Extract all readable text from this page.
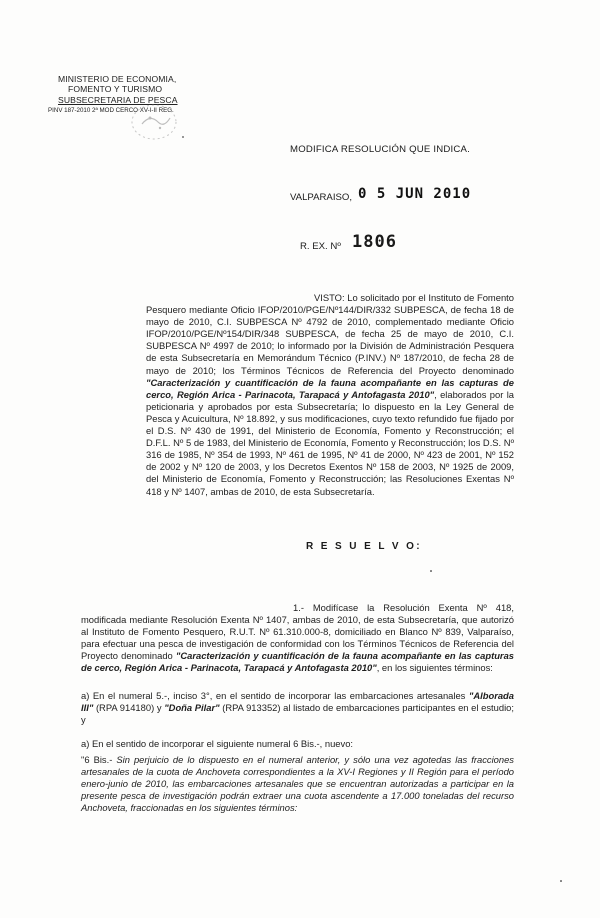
MINISTERIO DE ECONOMIA,
FOMENTO Y TURISMO
SUBSECRETARIA DE PESCA
PINV 187-2010 2ª MOD CERCO XV-I-II REG.
MODIFICA RESOLUCIÓN QUE INDICA.
VALPARAISO, 0 5 JUN 2010
R. EX. Nº 1806
VISTO: Lo solicitado por el Instituto de Fomento Pesquero mediante Oficio IFOP/2010/PGE/Nº144/DIR/332 SUBPESCA, de fecha 18 de mayo de 2010, C.I. SUBPESCA Nº 4792 de 2010, complementado mediante Oficio IFOP/2010/PGE/Nº154/DIR/348 SUBPESCA, de fecha 25 de mayo de 2010, C.I. SUBPESCA Nº 4997 de 2010; lo informado por la División de Administración Pesquera de esta Subsecretaría en Memorándum Técnico (P.INV.) Nº 187/2010, de fecha 28 de mayo de 2010; los Términos Técnicos de Referencia del Proyecto denominado "Caracterización y cuantificación de la fauna acompañante en las capturas de cerco, Región Arica - Parinacota, Tarapacá y Antofagasta 2010", elaborados por la peticionaria y aprobados por esta Subsecretaría; lo dispuesto en la Ley General de Pesca y Acuicultura, Nº 18.892, y sus modificaciones, cuyo texto refundido fue fijado por el D.S. Nº 430 de 1991, del Ministerio de Economía, Fomento y Reconstrucción; el D.F.L. Nº 5 de 1983, del Ministerio de Economía, Fomento y Reconstrucción; los D.S. Nº 316 de 1985, Nº 354 de 1993, Nº 461 de 1995, Nº 41 de 2000, Nº 423 de 2001, Nº 152 de 2002 y Nº 120 de 2003, y los Decretos Exentos Nº 158 de 2003, Nº 1925 de 2009, del Ministerio de Economía, Fomento y Reconstrucción; las Resoluciones Exentas Nº 418 y Nº 1407, ambas de 2010, de esta Subsecretaría.
R E S U E L V O:
1.- Modifícase la Resolución Exenta Nº 418, modificada mediante Resolución Exenta Nº 1407, ambas de 2010, de esta Subsecretaría, que autorizó al Instituto de Fomento Pesquero, R.U.T. Nº 61.310.000-8, domiciliado en Blanco Nº 839, Valparaíso, para efectuar una pesca de investigación de conformidad con los Términos Técnicos de Referencia del Proyecto denominado "Caracterización y cuantificación de la fauna acompañante en las capturas de cerco, Región Arica - Parinacota, Tarapacá y Antofagasta 2010", en los siguientes términos:
a) En el numeral 5.-, inciso 3°, en el sentido de incorporar las embarcaciones artesanales "Alborada III" (RPA 914180) y "Doña Pilar" (RPA 913352) al listado de embarcaciones participantes en el estudio; y
a) En el sentido de incorporar el siguiente numeral 6 Bis.-, nuevo:
"6 Bis.- Sin perjuicio de lo dispuesto en el numeral anterior, y sólo una vez agotedas las fracciones artesanales de la cuota de Anchoveta correspondientes a la XV-I Regiones y II Región para el período enero-junio de 2010, las embarcaciones artesanales que se encuentran autorizadas a participar en la presente pesca de investigación podrán extraer una cuota ascendente a 17.000 toneladas del recurso Anchoveta, fraccionadas en los siguientes términos:
